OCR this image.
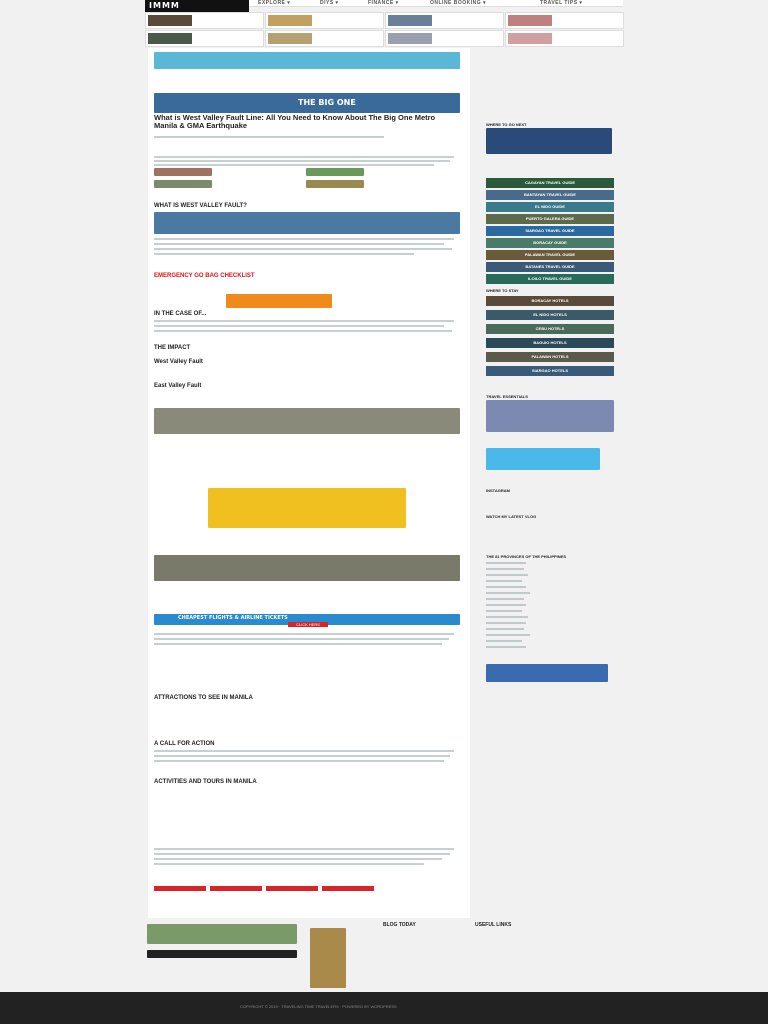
IMMM	EXPLORE ▾	DIYS ▾	FINANCE ▾	ONLINE BOOKING ▾	TRAVEL TIPS ▾
THE BIG ONE
What is West Valley Fault Line: All You Need to Know About The Big One Metro Manila & GMA Earthquake
WHAT IS WEST VALLEY FAULT?
EMERGENCY GO BAG CHECKLIST
IN THE CASE OF...
THE IMPACT
West Valley Fault
East Valley Fault
CHEAPEST FLIGHTS & AIRLINE TICKETS
CLICK HERE
ATTRACTIONS TO SEE IN MANILA
A CALL FOR ACTION
ACTIVITIES AND TOURS IN MANILA
WHERE TO GO NEXT
CAGAYAN TRAVEL GUIDE
BANTAYAN TRAVEL GUIDE
EL NIDO GUIDE
PUERTO GALERA GUIDE
SIARGAO TRAVEL GUIDE
BORACAY GUIDE
PALAWAN TRAVEL GUIDE
BATANES TRAVEL GUIDE
ILOILO TRAVEL GUIDE
WHERE TO STAY
BORACAY HOTELS
EL NIDO HOTELS
CEBU HOTELS
BAGUIO HOTELS
PALAWAN HOTELS
SIARGAO HOTELS
TRAVEL ESSENTIALS
INSTAGRAM
WATCH MY LATEST VLOG
THE 81 PROVINCES OF THE PHILIPPINES
BLOG TODAY	USEFUL LINKS
COPYRIGHT © 2019 · TRAVELING TIME TRAVELERS · POWERED BY WORDPRESS
